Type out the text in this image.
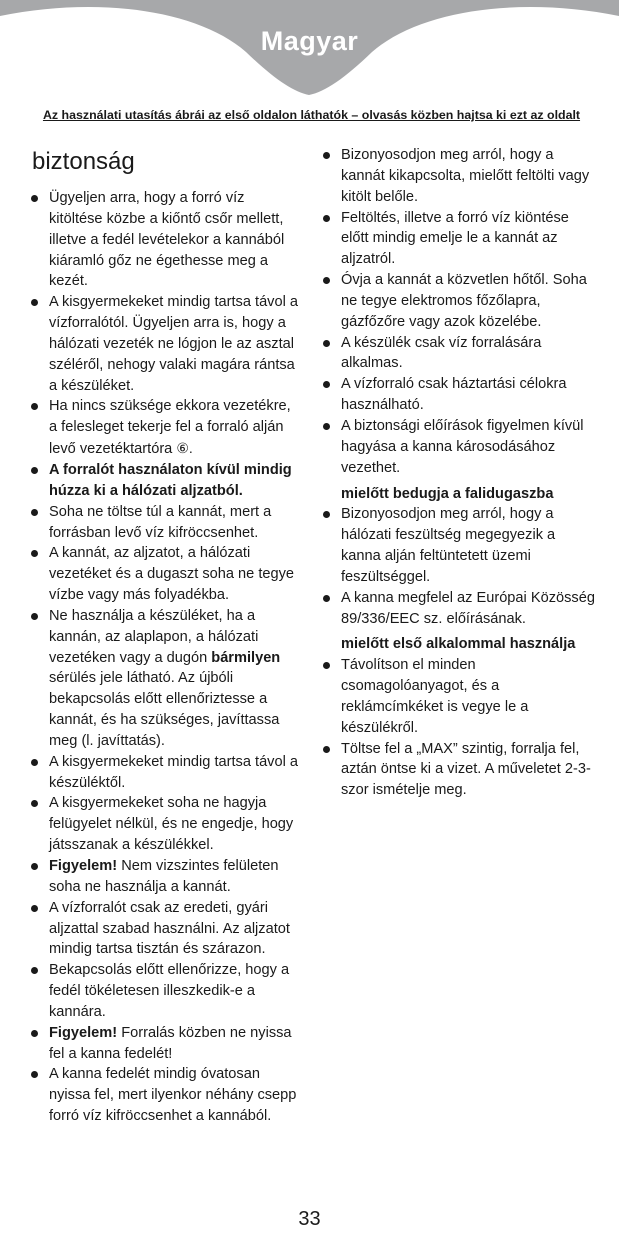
Magyar
Az használati utasítás ábrái az első oldalon láthatók – olvasás közben hajtsa ki ezt az oldalt
biztonság
Ügyeljen arra, hogy a forró víz kitöltése közbe a kiőntő csőr mellett, illetve a fedél levételekor a kannából kiáramló gőz ne égethesse meg a kezét.
A kisgyermekeket mindig tartsa távol a vízforralótól. Ügyeljen arra is, hogy a hálózati vezeték ne lógjon le az asztal széléről, nehogy valaki magára rántsa a készüléket.
Ha nincs szüksége ekkora vezetékre, a felesleget tekerje fel a forraló alján levő vezetéktartóra ⑥.
A forralót használaton kívül mindig húzza ki a hálózati aljzatból.
Soha ne töltse túl a kannát, mert a forrásban levő víz kifröccsenhet.
A kannát, az aljzatot, a hálózati vezetéket és a dugaszt soha ne tegye vízbe vagy más folyadékba.
Ne használja a készüléket, ha a kannán, az alaplapon, a hálózati vezetéken vagy a dugón bármilyen sérülés jele látható. Az újbóli bekapcsolás előtt ellenőriztesse a kannát, és ha szükséges, javíttassa meg (l. javíttatás).
A kisgyermekeket mindig tartsa távol a készüléktől.
A kisgyermekeket soha ne hagyja felügyelet nélkül, és ne engedje, hogy játsszanak a készülékkel.
Figyelem! Nem vizszintes felületen soha ne használja a kannát.
A vízforralót csak az eredeti, gyári aljzattal szabad használni. Az aljzatot mindig tartsa tisztán és szárazon.
Bekapcsolás előtt ellenőrizze, hogy a fedél tökéletesen illeszkedik-e a kannára.
Figyelem! Forralás közben ne nyissa fel a kanna fedelét!
A kanna fedelét mindig óvatosan nyissa fel, mert ilyenkor néhány csepp forró víz kifröccsenhet a kannából.
Bizonyosodjon meg arról, hogy a kannát kikapcsolta, mielőtt feltölti vagy kitölt belőle.
Feltöltés, illetve a forró víz kiöntése előtt mindig emelje le a kannát az aljzatról.
Óvja a kannát a közvetlen hőtől. Soha ne tegye elektromos főzőlapra, gázfőzőre vagy azok közelébe.
A készülék csak víz forralására alkalmas.
A vízforraló csak háztartási célokra használható.
A biztonsági előírások figyelmen kívül hagyása a kanna károsodásához vezethet.
mielőtt bedugja a falidugaszba
Bizonyosodjon meg arról, hogy a hálózati feszültség megegyezik a kanna alján feltüntetett üzemi feszültséggel.
A kanna megfelel az Európai Közösség 89/336/EEC sz. előírásának.
mielőtt első alkalommal használja
Távolítson el minden csomagolóanyagot, és a reklámcímkéket is vegye le a készülékről.
Töltse fel a „MAX” szintig, forralja fel, aztán öntse ki a vizet. A műveletet 2-3-szor ismételje meg.
33
